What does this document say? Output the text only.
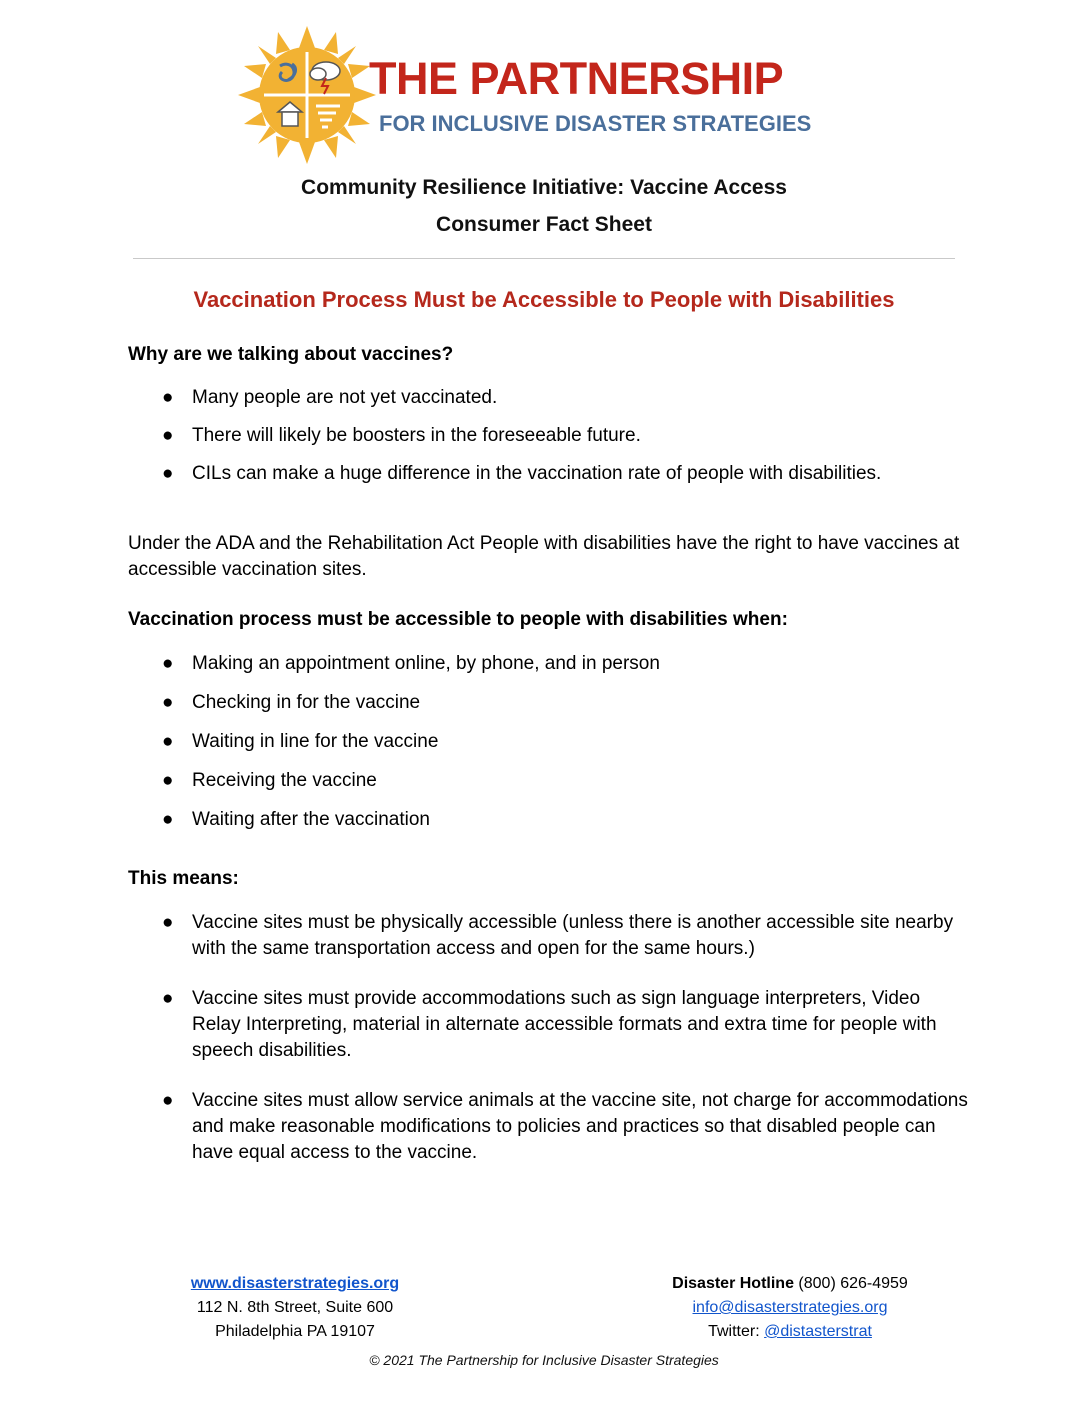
THE PARTNERSHIP
FOR INCLUSIVE DISASTER STRATEGIES
Community Resilience Initiative: Vaccine Access
Consumer Fact Sheet
Vaccination Process Must be Accessible to People with Disabilities
Why are we talking about vaccines?
● Many people are not yet vaccinated.
● There will likely be boosters in the foreseeable future.
● CILs can make a huge difference in the vaccination rate of people with disabilities.
Under the ADA and the Rehabilitation Act People with disabilities have the right to have vaccines at accessible vaccination sites.
Vaccination process must be accessible to people with disabilities when:
● Making an appointment online, by phone, and in person
● Checking in for the vaccine
● Waiting in line for the vaccine
● Receiving the vaccine
● Waiting after the vaccination
This means:
● Vaccine sites must be physically accessible (unless there is another accessible site nearby with the same transportation access and open for the same hours.)
● Vaccine sites must provide accommodations such as sign language interpreters, Video Relay Interpreting, material in alternate accessible formats and extra time for people with speech disabilities.
● Vaccine sites must allow service animals at the vaccine site, not charge for accommodations and make reasonable modifications to policies and practices so that disabled people can have equal access to the vaccine.
www.disasterstrategies.org
112 N. 8th Street, Suite 600
Philadelphia PA 19107
Disaster Hotline (800) 626-4959
info@disasterstrategies.org
Twitter: @distasterstrat
© 2021 The Partnership for Inclusive Disaster Strategies
